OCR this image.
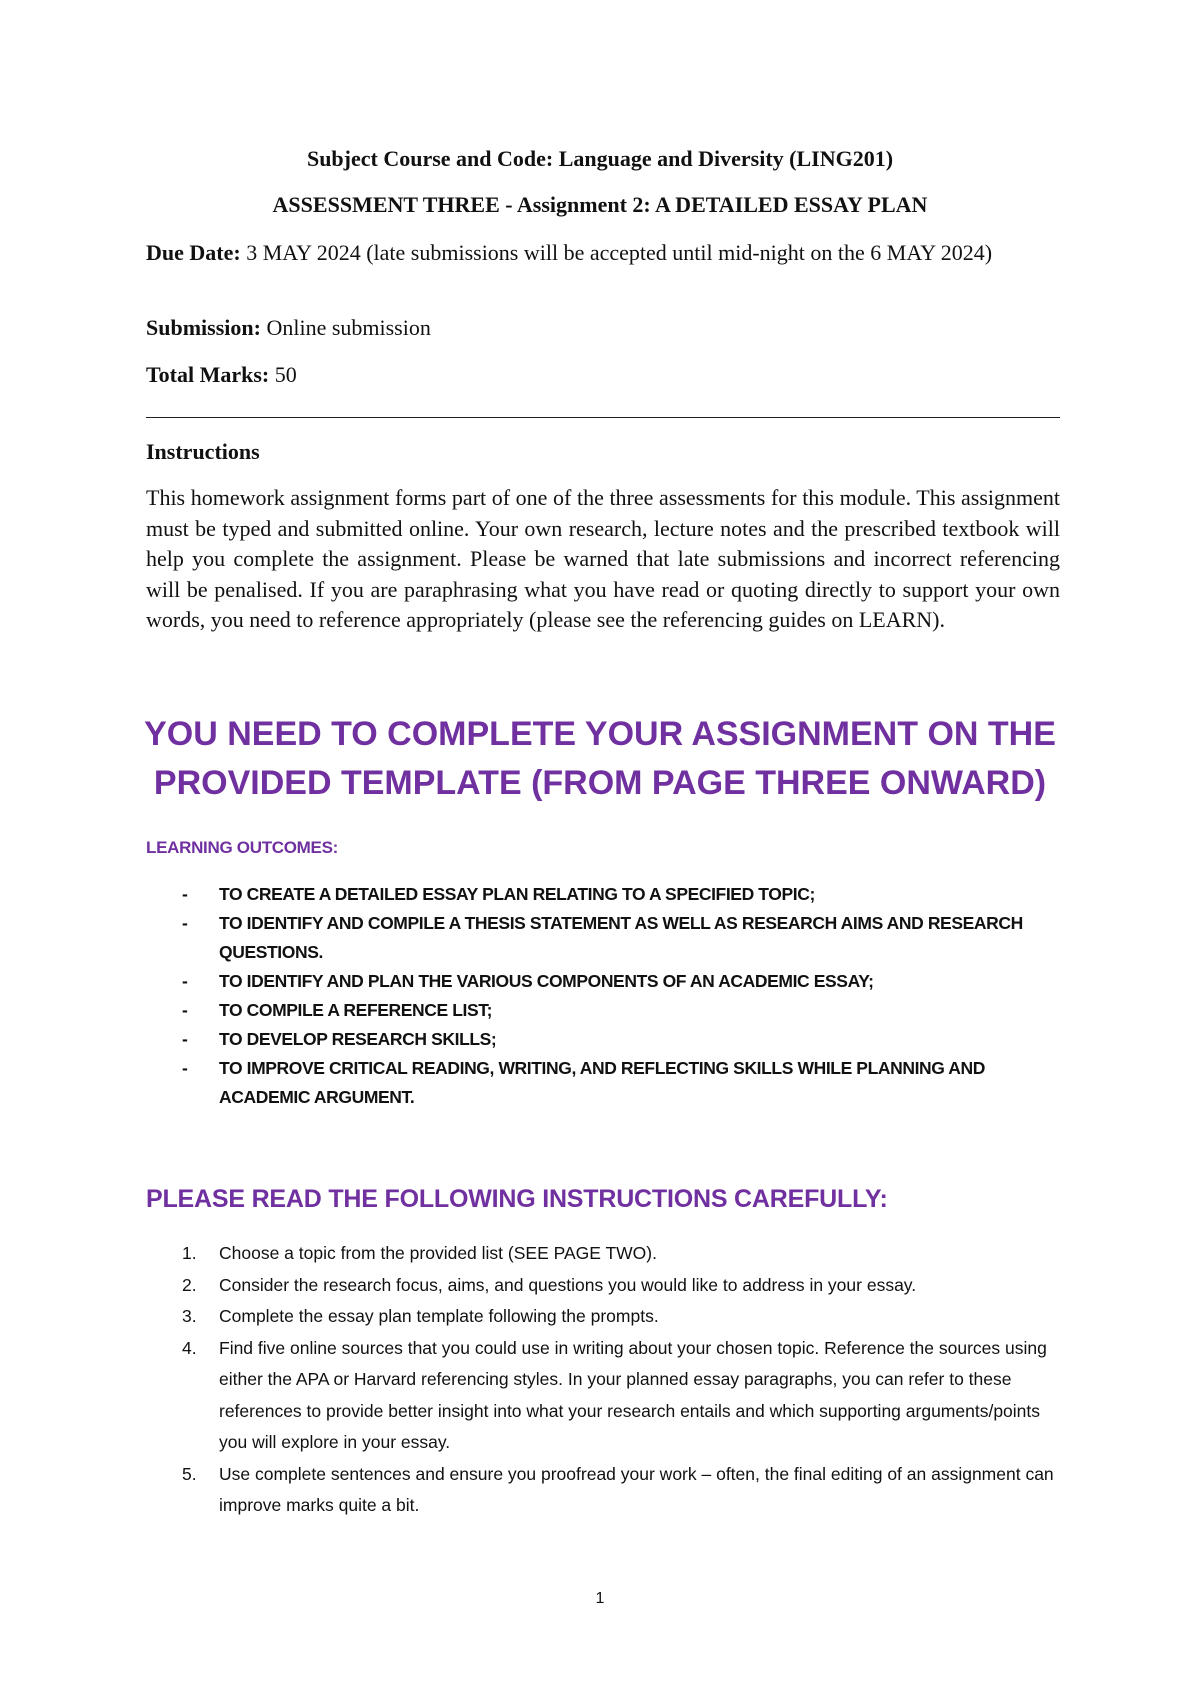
Subject Course and Code: Language and Diversity (LING201)
ASSESSMENT THREE - Assignment 2: A DETAILED ESSAY PLAN
Due Date: 3 MAY 2024 (late submissions will be accepted until mid-night on the 6 MAY 2024)
Submission: Online submission
Total Marks: 50
Instructions
This homework assignment forms part of one of the three assessments for this module. This assignment must be typed and submitted online. Your own research, lecture notes and the prescribed textbook will help you complete the assignment. Please be warned that late submissions and incorrect referencing will be penalised. If you are paraphrasing what you have read or quoting directly to support your own words, you need to reference appropriately (please see the referencing guides on LEARN).
YOU NEED TO COMPLETE YOUR ASSIGNMENT ON THE PROVIDED TEMPLATE (FROM PAGE THREE ONWARD)
LEARNING OUTCOMES:
- TO CREATE A DETAILED ESSAY PLAN RELATING TO A SPECIFIED TOPIC;
- TO IDENTIFY AND COMPILE A THESIS STATEMENT AS WELL AS RESEARCH AIMS AND RESEARCH QUESTIONS.
- TO IDENTIFY AND PLAN THE VARIOUS COMPONENTS OF AN ACADEMIC ESSAY;
- TO COMPILE A REFERENCE LIST;
- TO DEVELOP RESEARCH SKILLS;
- TO IMPROVE CRITICAL READING, WRITING, AND REFLECTING SKILLS WHILE PLANNING AND ACADEMIC ARGUMENT.
PLEASE READ THE FOLLOWING INSTRUCTIONS CAREFULLY:
1. Choose a topic from the provided list (SEE PAGE TWO).
2. Consider the research focus, aims, and questions you would like to address in your essay.
3. Complete the essay plan template following the prompts.
4. Find five online sources that you could use in writing about your chosen topic. Reference the sources using either the APA or Harvard referencing styles. In your planned essay paragraphs, you can refer to these references to provide better insight into what your research entails and which supporting arguments/points you will explore in your essay.
5. Use complete sentences and ensure you proofread your work – often, the final editing of an assignment can improve marks quite a bit.
1
